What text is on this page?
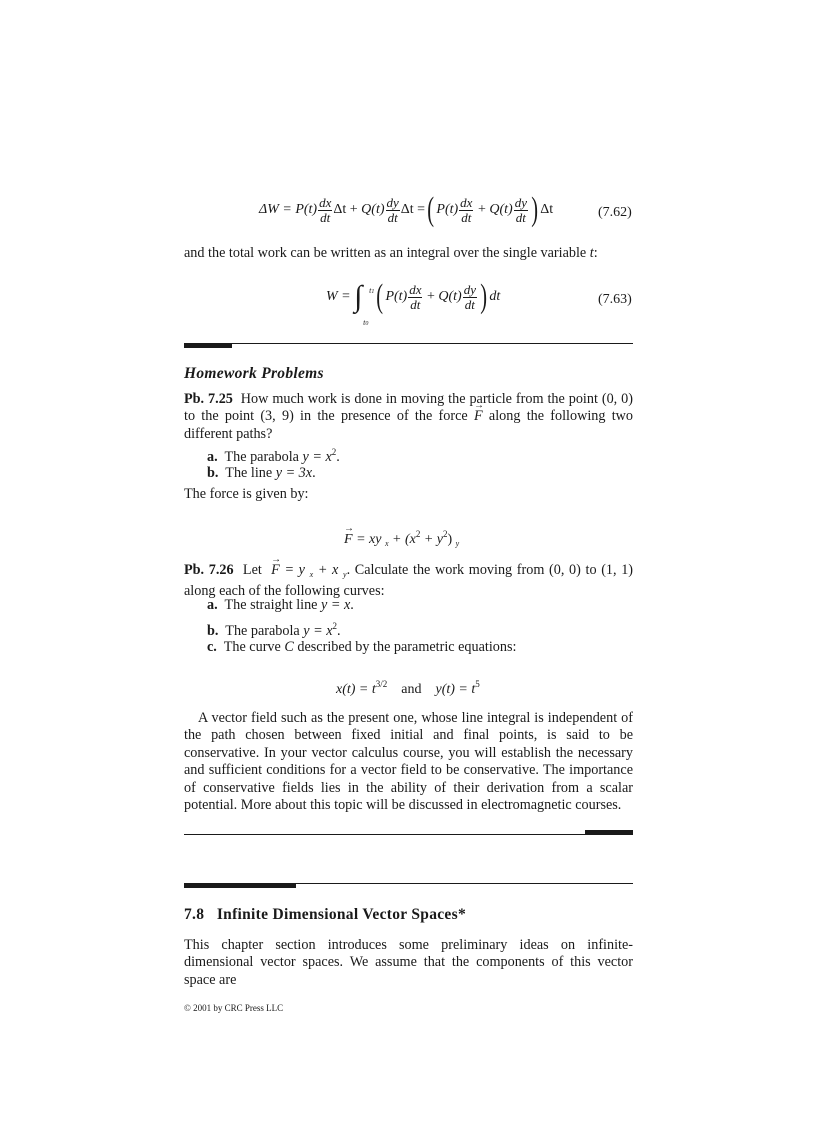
$\Delta W = P(t) \frac{dx}{dt}$ $\Delta t + Q(t) \frac{dy}{dt}$ Δt =( $P(t) \frac{dx}{dt} + Q(t) \frac{dy}{dt}$ ) Δt	(7.62)
and the total work can be written as an integral over the single variable t:
W = ∫ t1
t0
( $P(t) \frac{dx}{dt} + Q(t) \frac{dy}{dt}$ ) dt	(7.63)
Homework Problems

Pb. 7.25 How much work is done in moving the particle from the point (0, 0) to the point (3, 9) in the presence of the force → F along the following two different paths?

a. The parabola $y = x^2$.
b. The line y = 3x.
The force is given by:
→ F = xy $_x + (x^2 + y^2)$ $_y$

Pb. 7.26 Let → F = y $_x$ + x $_y$. Calculate the work moving from (0, 0) to (1, 1) along each of the following curves:

a. The straight line y = x.
b. The parabola $y = x^2$.
c. The curve C described by the parametric equations:
$x(t) = t^{3/2}$ and $y(t) = t^5$

A vector field such as the present one, whose line integral is independent of the path chosen between fixed initial and final points, is said to be conservative. In your vector calculus course, you will establish the necessary and sufficient conditions for a vector field to be conservative. The importance of conservative fields lies in the ability of their derivation from a scalar potential. More about this topic will be discussed in electromagnetic courses.

7.8 Infinite Dimensional Vector Spaces*

This chapter section introduces some preliminary ideas on infinite-dimensional vector spaces. We assume that the components of this vector space are

© 2001 by CRC Press LLC
